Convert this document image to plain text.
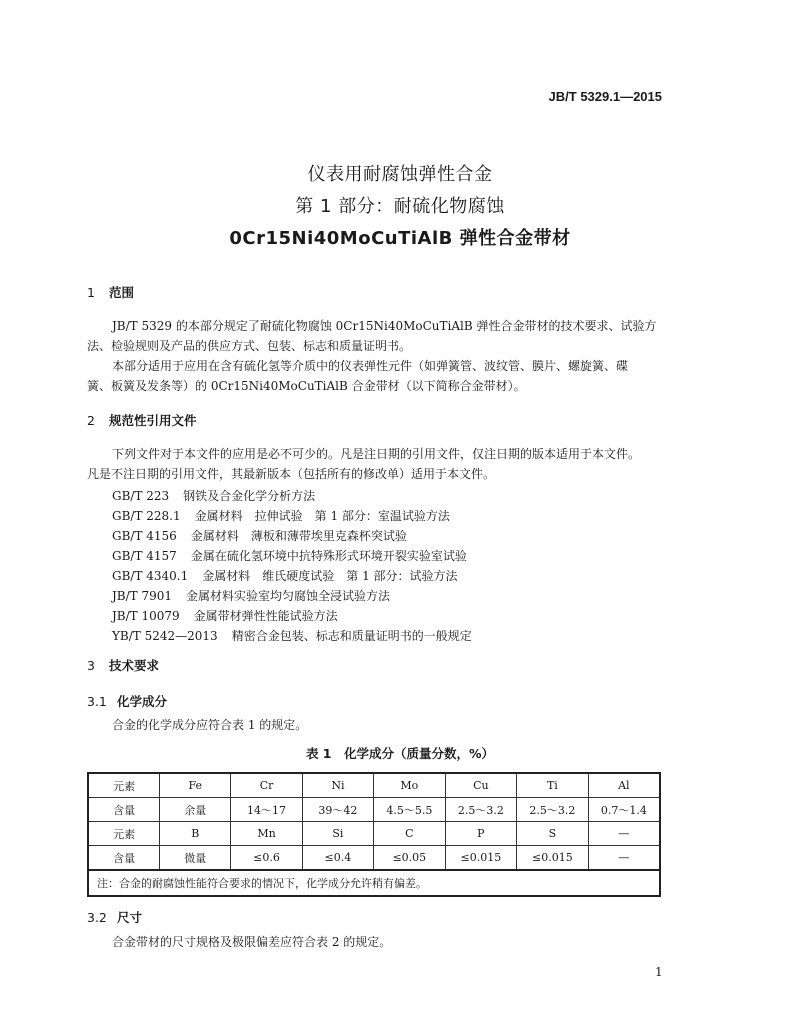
JB/T 5329.1—2015
仪表用耐腐蚀弹性合金
第 1 部分：耐硫化物腐蚀
0Cr15Ni40MoCuTiAlB 弹性合金带材
1 范围
JB/T 5329 的本部分规定了耐硫化物腐蚀 0Cr15Ni40MoCuTiAlB 弹性合金带材的技术要求、试验方
法、检验规则及产品的供应方式、包装、标志和质量证明书。
本部分适用于应用在含有硫化氢等介质中的仪表弹性元件（如弹簧管、波纹管、膜片、螺旋簧、碟
簧、板簧及发条等）的 0Cr15Ni40MoCuTiAlB 合金带材（以下简称合金带材）。
2 规范性引用文件
下列文件对于本文件的应用是必不可少的。凡是注日期的引用文件，仅注日期的版本适用于本文件。
凡是不注日期的引用文件，其最新版本（包括所有的修改单）适用于本文件。
GB/T 223 钢铁及合金化学分析方法
GB/T 228.1 金属材料　拉伸试验　第 1 部分：室温试验方法
GB/T 4156 金属材料　薄板和薄带埃里克森杯突试验
GB/T 4157 金属在硫化氢环境中抗特殊形式环境开裂实验室试验
GB/T 4340.1 金属材料　维氏硬度试验　第 1 部分：试验方法
JB/T 7901 金属材料实验室均匀腐蚀全浸试验方法
JB/T 10079 金属带材弹性性能试验方法
YB/T 5242—2013 精密合金包装、标志和质量证明书的一般规定
3 技术要求
3.1 化学成分
合金的化学成分应符合表 1 的规定。
表 1　化学成分（质量分数，%）
元素	Fe	Cr	Ni	Mo	Cu	Ti	Al
含量	余量	14～17	39～42	4.5～5.5	2.5～3.2	2.5～3.2	0.7～1.4
元素	B	Mn	Si	C	P	S	—
含量	微量	≤0.6	≤0.4	≤0.05	≤0.015	≤0.015	—
注：合金的耐腐蚀性能符合要求的情况下，化学成分允许稍有偏差。							
3.2 尺寸
合金带材的尺寸规格及极限偏差应符合表 2 的规定。
1
